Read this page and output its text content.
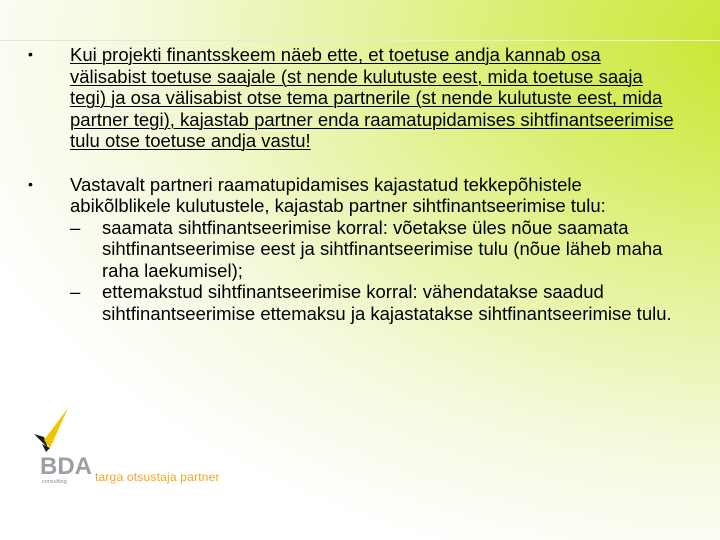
•	Kui projekti finantsskeem näeb ette, et toetuse andja kannab osa välisabist toetuse saajale (st nende kulutuste eest, mida toetuse saaja tegi) ja osa välisabist otse tema partnerile (st nende kulutuste eest, mida partner tegi), kajastab partner enda raamatupidamises sihtfinantseerimise tulu otse toetuse andja vastu!
•	Vastavalt partneri raamatupidamises kajastatud tekkepõhistele abikõlblikele kulutustele, kajastab partner sihtfinantseerimise tulu:
–	saamata sihtfinantseerimise korral: võetakse üles nõue saamata sihtfinantseerimise eest ja sihtfinantseerimise tulu (nõue läheb maha raha laekumisel);
–	ettemakstud sihtfinantseerimise korral: vähendatakse saadud sihtfinantseerimise ettemaksu ja kajastatakse sihtfinantseerimise tulu.
BDA
consulting targa otsustaja partner
